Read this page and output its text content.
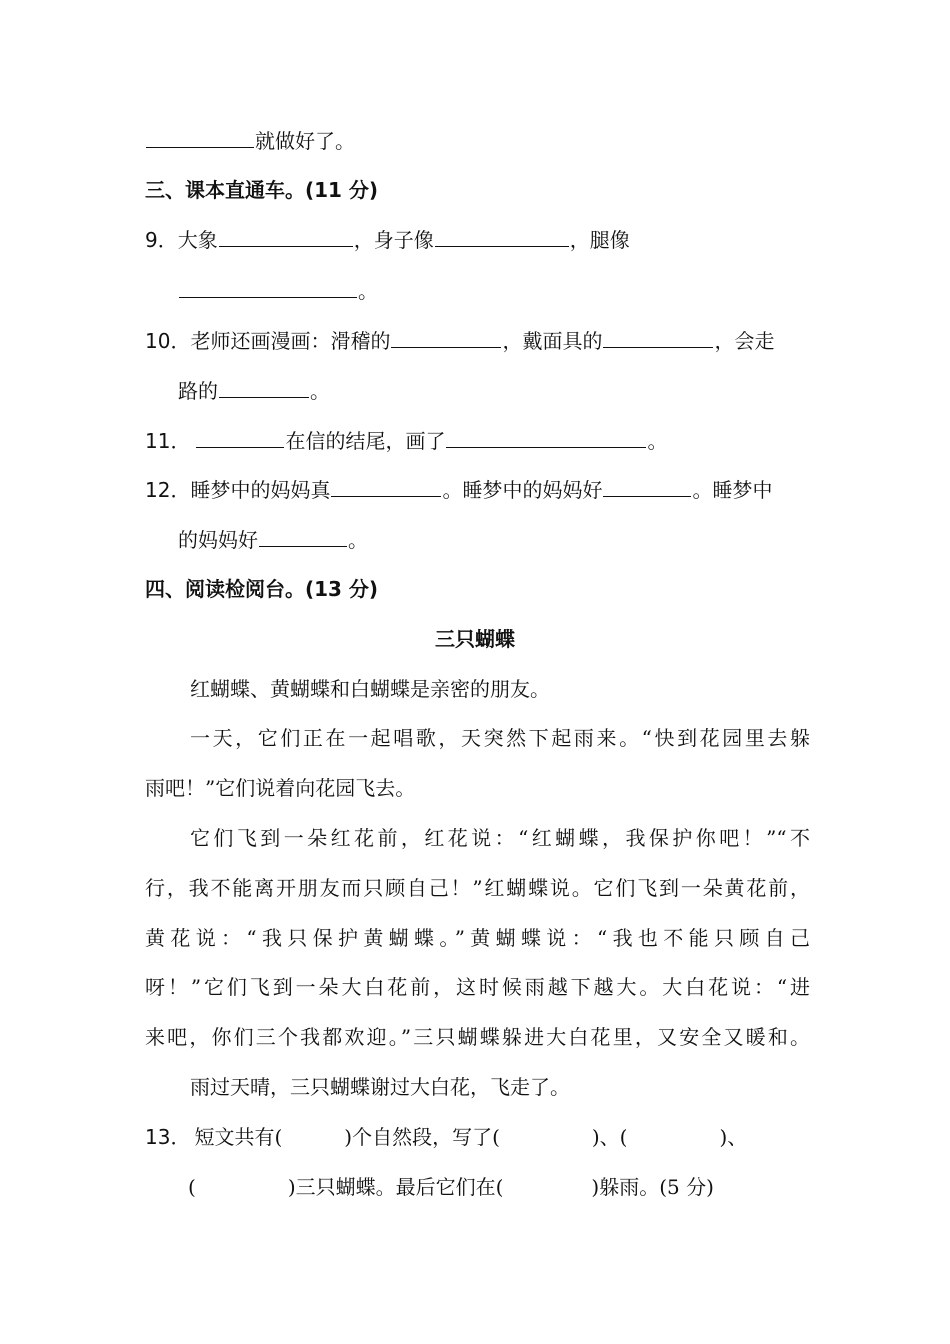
就做好了。
三、课本直通车。(11 分)
9．大象	，身子像	，腿像
。
10．老师还画漫画：滑稽的	，戴面具的	，会走
路的	。
11．	在信的结尾，画了	。
12．睡梦中的妈妈真	。睡梦中的妈妈好	。睡梦中
的妈妈好	。
四、阅读检阅台。(13 分)
三只蝴蝶
红蝴蝶、黄蝴蝶和白蝴蝶是亲密的朋友。
一天，它们正在一起唱歌，天突然下起雨来。“快到花园里去躲
雨吧！”它们说着向花园飞去。
它们飞到一朵红花前，红花说：“红蝴蝶，我保护你吧！”“不
行，我不能离开朋友而只顾自己！”红蝴蝶说。它们飞到一朵黄花前，
黄花说：“我只保护黄蝴蝶。”黄蝴蝶说：“我也不能只顾自己
呀！”它们飞到一朵大白花前，这时候雨越下越大。大白花说：“进
来吧，你们三个我都欢迎。”三只蝴蝶躲进大白花里，又安全又暖和。
雨过天晴，三只蝴蝶谢过大白花，飞走了。
13． 短文共有(	)个自然段，写了(	)、(	)、
(	)三只蝴蝶。最后它们在(	)躲雨。(5 分)
